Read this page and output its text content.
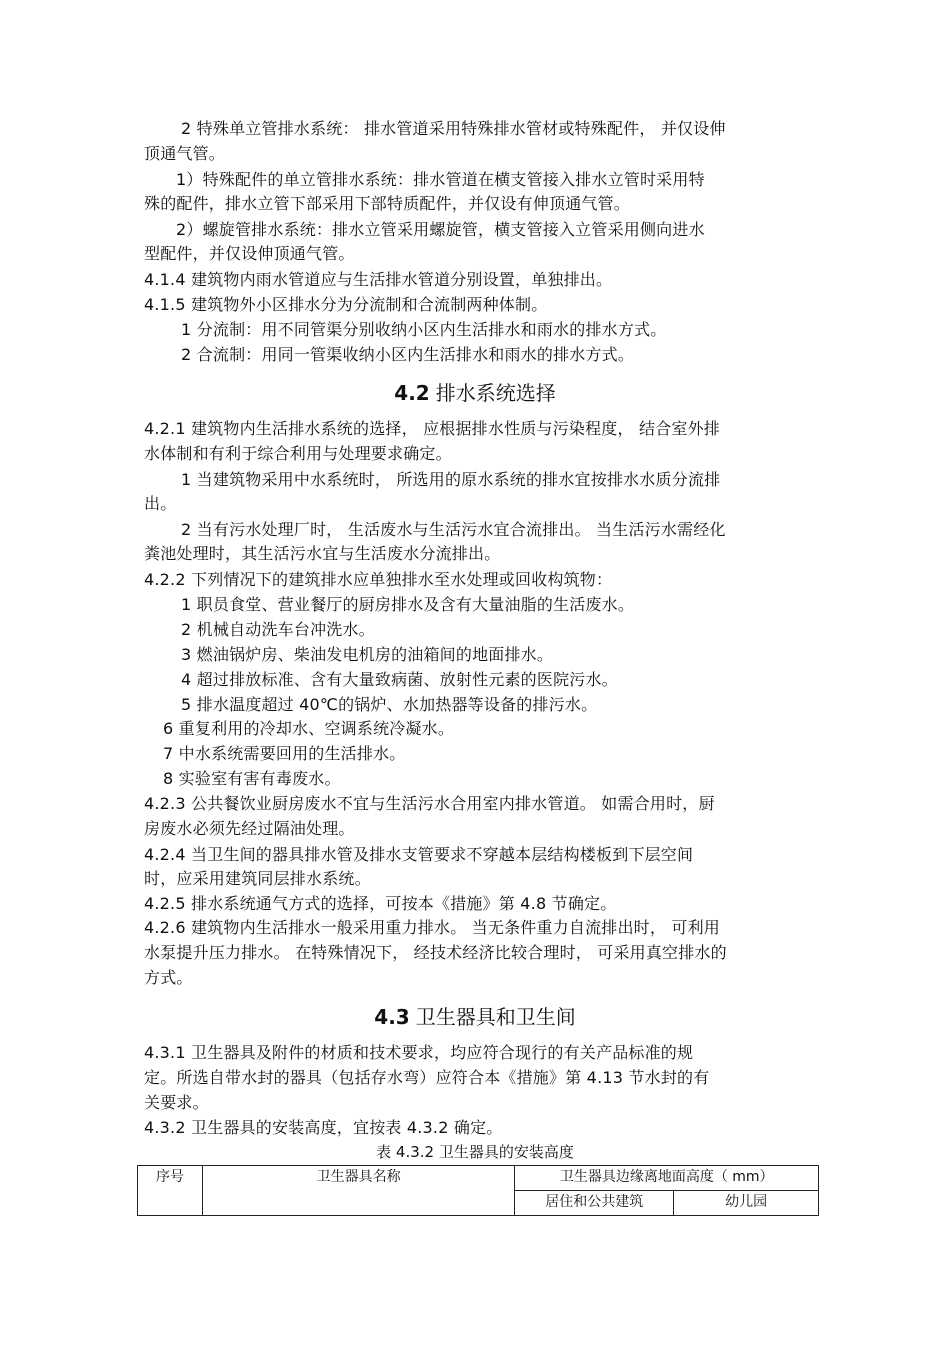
2 特殊单立管排水系统： 排水管道采用特殊排水管材或特殊配件， 并仅设伸
顶通气管。
1）特殊配件的单立管排水系统：排水管道在横支管接入排水立管时采用特
殊的配件，排水立管下部采用下部特质配件，并仅设有伸顶通气管。
2）螺旋管排水系统：排水立管采用螺旋管，横支管接入立管采用侧向进水
型配件，并仅设伸顶通气管。
4.1.4 建筑物内雨水管道应与生活排水管道分别设置，单独排出。
4.1.5 建筑物外小区排水分为分流制和合流制两种体制。
1 分流制：用不同管渠分别收纳小区内生活排水和雨水的排水方式。
2 合流制：用同一管渠收纳小区内生活排水和雨水的排水方式。
4.2 排水系统选择
4.2.1 建筑物内生活排水系统的选择， 应根据排水性质与污染程度， 结合室外排
水体制和有利于综合利用与处理要求确定。
1 当建筑物采用中水系统时， 所选用的原水系统的排水宜按排水水质分流排
出。
2 当有污水处理厂时， 生活废水与生活污水宜合流排出。 当生活污水需经化
粪池处理时，其生活污水宜与生活废水分流排出。
4.2.2 下列情况下的建筑排水应单独排水至水处理或回收构筑物：
1 职员食堂、营业餐厅的厨房排水及含有大量油脂的生活废水。
2 机械自动洗车台冲洗水。
3 燃油锅炉房、柴油发电机房的油箱间的地面排水。
4 超过排放标准、含有大量致病菌、放射性元素的医院污水。
5 排水温度超过 40℃的锅炉、水加热器等设备的排污水。
6 重复利用的冷却水、空调系统冷凝水。
7 中水系统需要回用的生活排水。
8 实验室有害有毒废水。
4.2.3 公共餐饮业厨房废水不宜与生活污水合用室内排水管道。 如需合用时，厨
房废水必须先经过隔油处理。
4.2.4 当卫生间的器具排水管及排水支管要求不穿越本层结构楼板到下层空间
时，应采用建筑同层排水系统。
4.2.5 排水系统通气方式的选择，可按本《措施》第 4.8 节确定。
4.2.6 建筑物内生活排水一般采用重力排水。 当无条件重力自流排出时， 可利用
水泵提升压力排水。 在特殊情况下， 经技术经济比较合理时， 可采用真空排水的
方式。
4.3 卫生器具和卫生间
4.3.1 卫生器具及附件的材质和技术要求，均应符合现行的有关产品标准的规
定。所选自带水封的器具（包括存水弯）应符合本《措施》第 4.13 节水封的有
关要求。
4.3.2 卫生器具的安装高度，宜按表 4.3.2 确定。
表 4.3.2 卫生器具的安装高度
序号	卫生器具名称	卫生器具边缘离地面高度（ mm）	
		居住和公共建筑	幼儿园
